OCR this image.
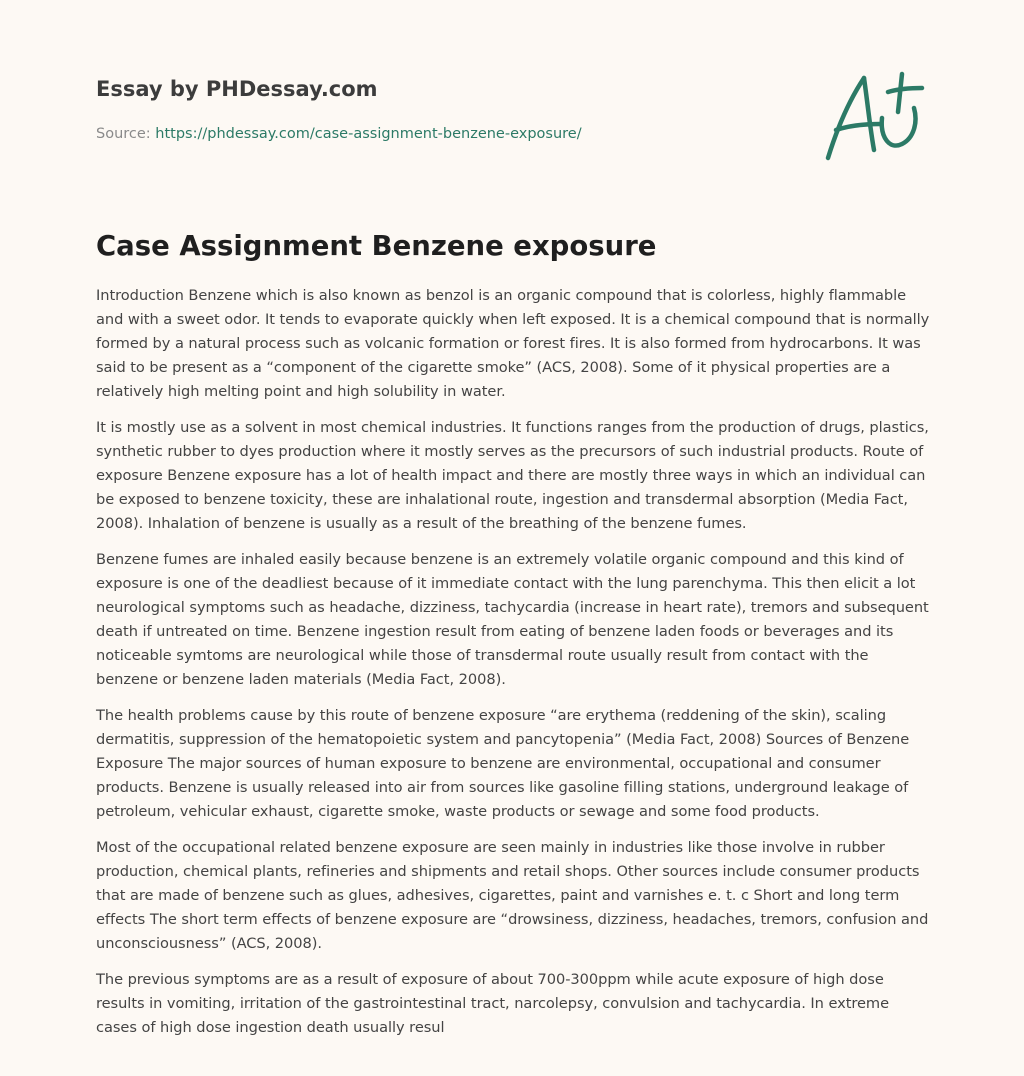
Essay by PHDessay.com
Source: https://phdessay.com/case-assignment-benzene-exposure/
Case Assignment Benzene exposure

Introduction Benzene which is also known as benzol is an organic compound that is colorless, highly flammable and with a sweet odor. It tends to evaporate quickly when left exposed. It is a chemical compound that is normally formed by a natural process such as volcanic formation or forest fires. It is also formed from hydrocarbons. It was said to be present as a “component of the cigarette smoke” (ACS, 2008). Some of it physical properties are a relatively high melting point and high solubility in water.

It is mostly use as a solvent in most chemical industries. It functions ranges from the production of drugs, plastics, synthetic rubber to dyes production where it mostly serves as the precursors of such industrial products. Route of exposure Benzene exposure has a lot of health impact and there are mostly three ways in which an individual can be exposed to benzene toxicity, these are inhalational route, ingestion and transdermal absorption (Media Fact, 2008). Inhalation of benzene is usually as a result of the breathing of the benzene fumes.

Benzene fumes are inhaled easily because benzene is an extremely volatile organic compound and this kind of exposure is one of the deadliest because of it immediate contact with the lung parenchyma. This then elicit a lot neurological symptoms such as headache, dizziness, tachycardia (increase in heart rate), tremors and subsequent death if untreated on time. Benzene ingestion result from eating of benzene laden foods or beverages and its noticeable symtoms are neurological while those of transdermal route usually result from contact with the benzene or benzene laden materials (Media Fact, 2008).

The health problems cause by this route of benzene exposure “are erythema (reddening of the skin), scaling dermatitis, suppression of the hematopoietic system and pancytopenia” (Media Fact, 2008) Sources of Benzene Exposure The major sources of human exposure to benzene are environmental, occupational and consumer products. Benzene is usually released into air from sources like gasoline filling stations, underground leakage of petroleum, vehicular exhaust, cigarette smoke, waste products or sewage and some food products.

Most of the occupational related benzene exposure are seen mainly in industries like those involve in rubber production, chemical plants, refineries and shipments and retail shops. Other sources include consumer products that are made of benzene such as glues, adhesives, cigarettes, paint and varnishes e. t. c Short and long term effects The short term effects of benzene exposure are “drowsiness, dizziness, headaches, tremors, confusion and unconsciousness” (ACS, 2008).

The previous symptoms are as a result of exposure of about 700-300ppm while acute exposure of high dose results in vomiting, irritation of the gastrointestinal tract, narcolepsy, convulsion and tachycardia. In extreme cases of high dose ingestion death usually resul
